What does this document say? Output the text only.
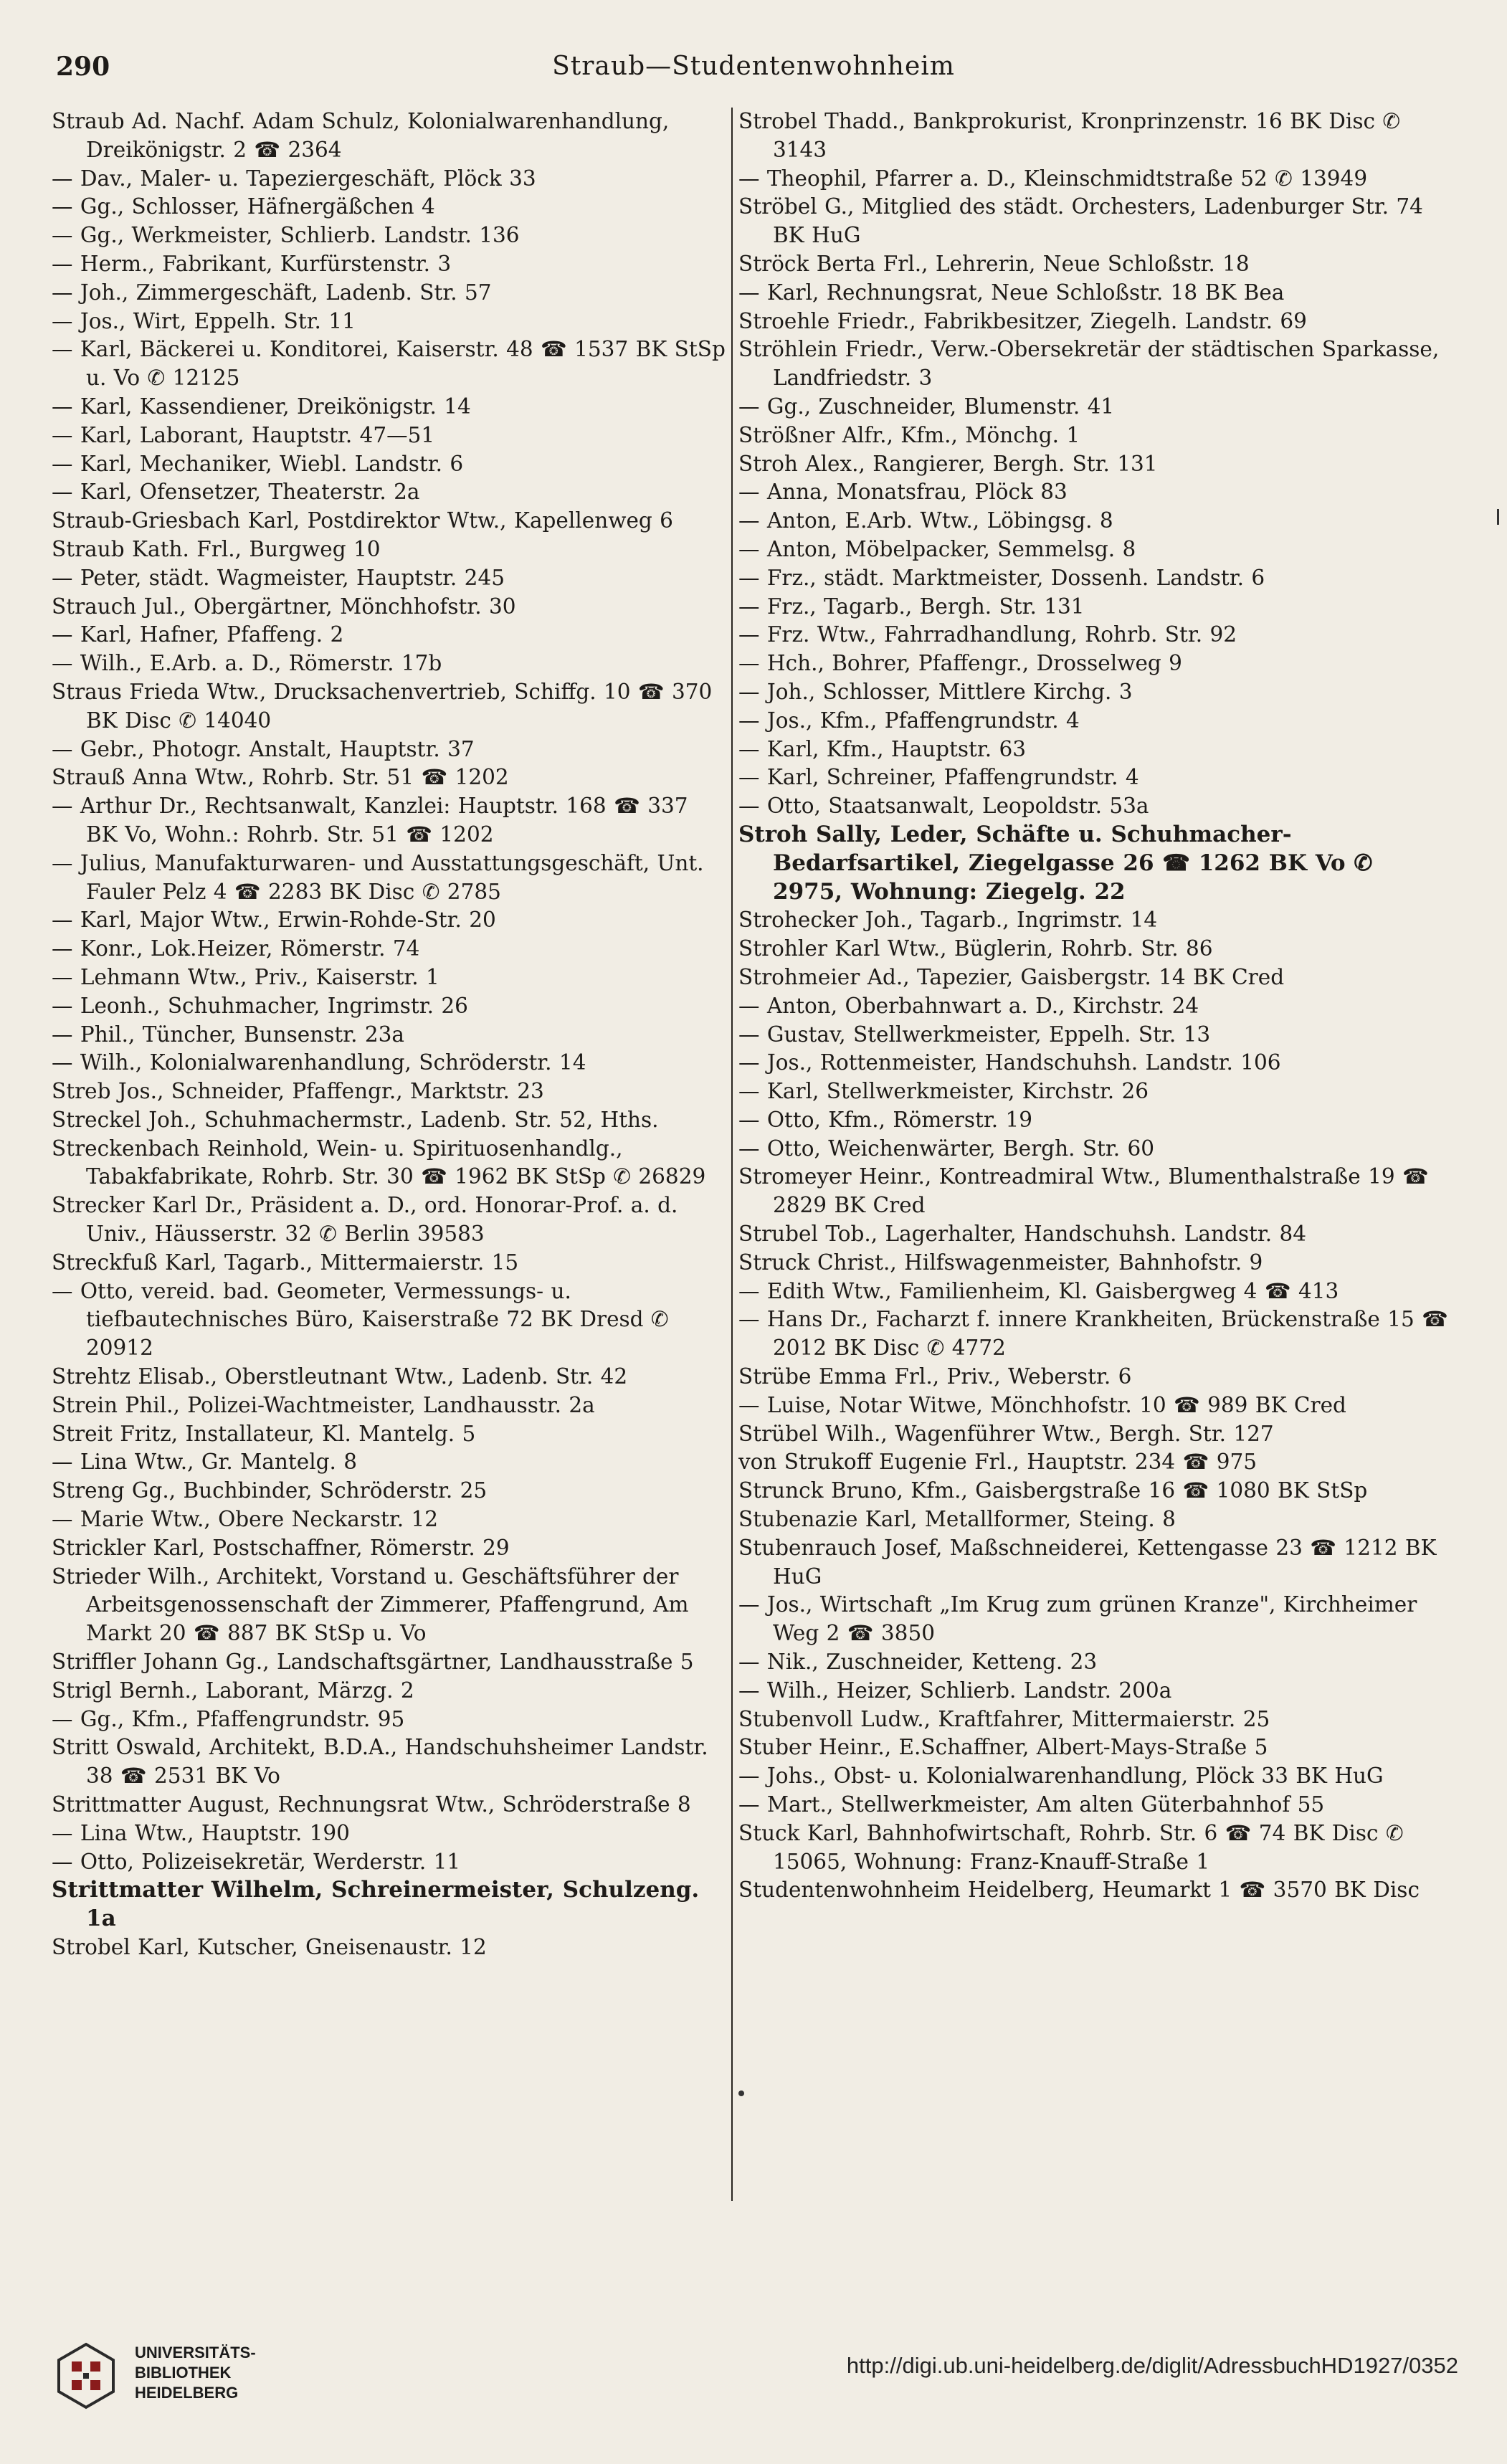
290	Straub—Studentenwohnheim
Straub Ad. Nachf. Adam Schulz, Kolonialwarenhandlung, Dreikönigstr. 2 ☎ 2364
— Dav., Maler- u. Tapeziergeschäft, Plöck 33
— Gg., Schlosser, Häfnergäßchen 4
— Gg., Werkmeister, Schlierb. Landstr. 136
— Herm., Fabrikant, Kurfürstenstr. 3
— Joh., Zimmergeschäft, Ladenb. Str. 57
— Jos., Wirt, Eppelh. Str. 11
— Karl, Bäckerei u. Konditorei, Kaiserstr. 48 ☎ 1537 BK StSp u. Vo ✆ 12125
— Karl, Kassendiener, Dreikönigstr. 14
— Karl, Laborant, Hauptstr. 47—51
— Karl, Mechaniker, Wiebl. Landstr. 6
— Karl, Ofensetzer, Theaterstr. 2a
Straub-Griesbach Karl, Postdirektor Wtw., Kapellenweg 6
Straub Kath. Frl., Burgweg 10
— Peter, städt. Wagmeister, Hauptstr. 245
Strauch Jul., Obergärtner, Mönchhofstr. 30
— Karl, Hafner, Pfaffeng. 2
— Wilh., E.Arb. a. D., Römerstr. 17b
Straus Frieda Wtw., Drucksachenvertrieb, Schiffg. 10 ☎ 370 BK Disc ✆ 14040
— Gebr., Photogr. Anstalt, Hauptstr. 37
Strauß Anna Wtw., Rohrb. Str. 51 ☎ 1202
— Arthur Dr., Rechtsanwalt, Kanzlei: Hauptstr. 168 ☎ 337 BK Vo, Wohn.: Rohrb. Str. 51 ☎ 1202
— Julius, Manufakturwaren- und Ausstattungsgeschäft, Unt. Fauler Pelz 4 ☎ 2283 BK Disc ✆ 2785
— Karl, Major Wtw., Erwin-Rohde-Str. 20
— Konr., Lok.Heizer, Römerstr. 74
— Lehmann Wtw., Priv., Kaiserstr. 1
— Leonh., Schuhmacher, Ingrimstr. 26
— Phil., Tüncher, Bunsenstr. 23a
— Wilh., Kolonialwarenhandlung, Schröderstr. 14
Streb Jos., Schneider, Pfaffengr., Marktstr. 23
Streckel Joh., Schuhmachermstr., Ladenb. Str. 52, Hths.
Streckenbach Reinhold, Wein- u. Spirituosenhandlg., Tabakfabrikate, Rohrb. Str. 30 ☎ 1962 BK StSp ✆ 26829
Strecker Karl Dr., Präsident a. D., ord. Honorar-Prof. a. d. Univ., Häusserstr. 32 ✆ Berlin 39583
Streckfuß Karl, Tagarb., Mittermaierstr. 15
— Otto, vereid. bad. Geometer, Vermessungs- u. tiefbautechnisches Büro, Kaiserstraße 72 BK Dresd ✆ 20912
Strehtz Elisab., Oberstleutnant Wtw., Ladenb. Str. 42
Strein Phil., Polizei-Wachtmeister, Landhausstr. 2a
Streit Fritz, Installateur, Kl. Mantelg. 5
— Lina Wtw., Gr. Mantelg. 8
Streng Gg., Buchbinder, Schröderstr. 25
— Marie Wtw., Obere Neckarstr. 12
Strickler Karl, Postschaffner, Römerstr. 29
Strieder Wilh., Architekt, Vorstand u. Geschäftsführer der Arbeitsgenossenschaft der Zimmerer, Pfaffengrund, Am Markt 20 ☎ 887 BK StSp u. Vo
Striffler Johann Gg., Landschaftsgärtner, Landhausstraße 5
Strigl Bernh., Laborant, Märzg. 2
— Gg., Kfm., Pfaffengrundstr. 95
Stritt Oswald, Architekt, B.D.A., Handschuhsheimer Landstr. 38 ☎ 2531 BK Vo
Strittmatter August, Rechnungsrat Wtw., Schröderstraße 8
— Lina Wtw., Hauptstr. 190
— Otto, Polizeisekretär, Werderstr. 11
Strittmatter Wilhelm, Schreinermeister, Schulzeng. 1a
Strobel Karl, Kutscher, Gneisenaustr. 12
Strobel Thadd., Bankprokurist, Kronprinzenstr. 16 BK Disc ✆ 3143
— Theophil, Pfarrer a. D., Kleinschmidtstraße 52 ✆ 13949
Ströbel G., Mitglied des städt. Orchesters, Ladenburger Str. 74 BK HuG
Ströck Berta Frl., Lehrerin, Neue Schloßstr. 18
— Karl, Rechnungsrat, Neue Schloßstr. 18 BK Bea
Stroehle Friedr., Fabrikbesitzer, Ziegelh. Landstr. 69
Ströhlein Friedr., Verw.-Obersekretär der städtischen Sparkasse, Landfriedstr. 3
— Gg., Zuschneider, Blumenstr. 41
Strößner Alfr., Kfm., Mönchg. 1
Stroh Alex., Rangierer, Bergh. Str. 131
— Anna, Monatsfrau, Plöck 83
— Anton, E.Arb. Wtw., Löbingsg. 8
— Anton, Möbelpacker, Semmelsg. 8
— Frz., städt. Marktmeister, Dossenh. Landstr. 6
— Frz., Tagarb., Bergh. Str. 131
— Frz. Wtw., Fahrradhandlung, Rohrb. Str. 92
— Hch., Bohrer, Pfaffengr., Drosselweg 9
— Joh., Schlosser, Mittlere Kirchg. 3
— Jos., Kfm., Pfaffengrundstr. 4
— Karl, Kfm., Hauptstr. 63
— Karl, Schreiner, Pfaffengrundstr. 4
— Otto, Staatsanwalt, Leopoldstr. 53a
Stroh Sally, Leder, Schäfte u. Schuhmacher-Bedarfsartikel, Ziegelgasse 26 ☎ 1262 BK Vo ✆ 2975, Wohnung: Ziegelg. 22
Strohecker Joh., Tagarb., Ingrimstr. 14
Strohler Karl Wtw., Büglerin, Rohrb. Str. 86
Strohmeier Ad., Tapezier, Gaisbergstr. 14 BK Cred
— Anton, Oberbahnwart a. D., Kirchstr. 24
— Gustav, Stellwerkmeister, Eppelh. Str. 13
— Jos., Rottenmeister, Handschuhsh. Landstr. 106
— Karl, Stellwerkmeister, Kirchstr. 26
— Otto, Kfm., Römerstr. 19
— Otto, Weichenwärter, Bergh. Str. 60
Stromeyer Heinr., Kontreadmiral Wtw., Blumenthalstraße 19 ☎ 2829 BK Cred
Strubel Tob., Lagerhalter, Handschuhsh. Landstr. 84
Struck Christ., Hilfswagenmeister, Bahnhofstr. 9
— Edith Wtw., Familienheim, Kl. Gaisbergweg 4 ☎ 413
— Hans Dr., Facharzt f. innere Krankheiten, Brückenstraße 15 ☎ 2012 BK Disc ✆ 4772
Strübe Emma Frl., Priv., Weberstr. 6
— Luise, Notar Witwe, Mönchhofstr. 10 ☎ 989 BK Cred
Strübel Wilh., Wagenführer Wtw., Bergh. Str. 127
von Strukoff Eugenie Frl., Hauptstr. 234 ☎ 975
Strunck Bruno, Kfm., Gaisbergstraße 16 ☎ 1080 BK StSp
Stubenazie Karl, Metallformer, Steing. 8
Stubenrauch Josef, Maßschneiderei, Kettengasse 23 ☎ 1212 BK HuG
— Jos., Wirtschaft „Im Krug zum grünen Kranze", Kirchheimer Weg 2 ☎ 3850
— Nik., Zuschneider, Ketteng. 23
— Wilh., Heizer, Schlierb. Landstr. 200a
Stubenvoll Ludw., Kraftfahrer, Mittermaierstr. 25
Stuber Heinr., E.Schaffner, Albert-Mays-Straße 5
— Johs., Obst- u. Kolonialwarenhandlung, Plöck 33 BK HuG
— Mart., Stellwerkmeister, Am alten Güterbahnhof 55
Stuck Karl, Bahnhofwirtschaft, Rohrb. Str. 6 ☎ 74 BK Disc ✆ 15065, Wohnung: Franz-Knauff-Straße 1
Studentenwohnheim Heidelberg, Heumarkt 1 ☎ 3570 BK Disc
UNIVERSITÄTS-
BIBLIOTHEK
HEIDELBERG
http://digi.ub.uni-heidelberg.de/diglit/AdressbuchHD1927/0352
